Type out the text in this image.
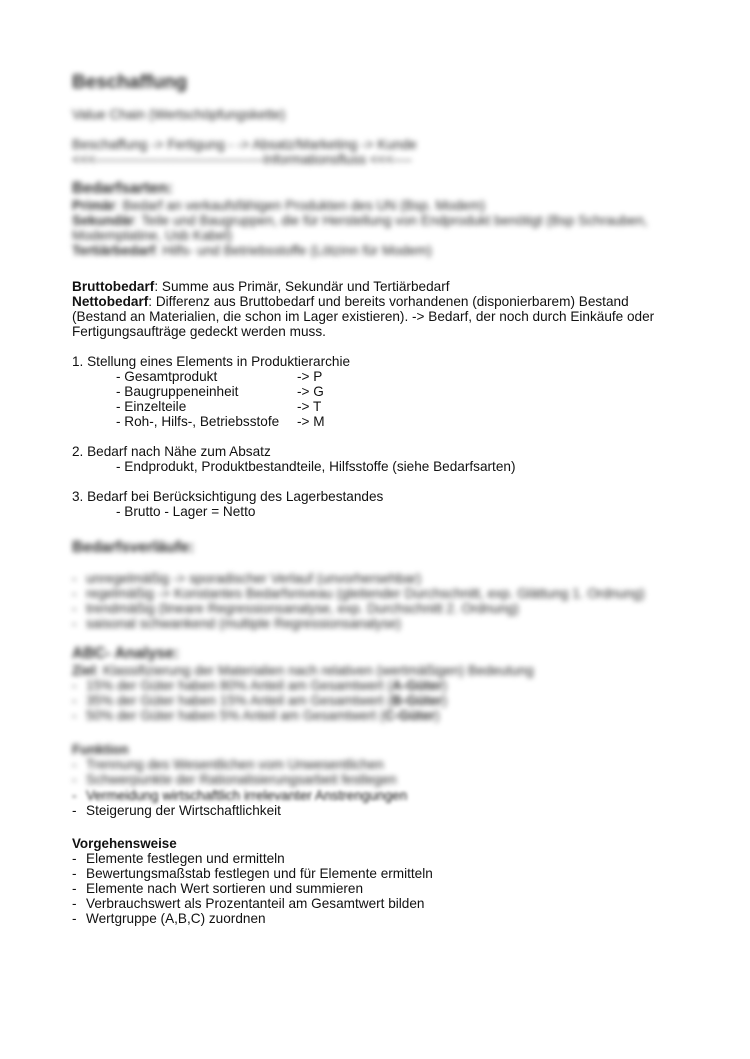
Beschaffung

Value Chain (Wertschöpfungskette)

Beschaffung -> Fertigung - -> Absatz/Marketing -> Kunde

<<<-------------------------------------Informationsfluss <<<----

Bedarfsarten:

Primär: Bedarf an verkaufsfähigen Produkten des UN (Bsp. Modem)

Sekundär: Teile und Baugruppen, die für Herstellung von Endprodukt benötigt (Bsp Schrauben,

Modemplatine, Usb Kabel)

Tertiärbedarf: Hilfs- und Betriebsstoffe (Lötzinn für Modem)

Bruttobedarf: Summe aus Primär, Sekundär und Tertiärbedarf

Nettobedarf: Differenz aus Bruttobedarf und bereits vorhandenen (disponierbarem) Bestand

(Bestand an Materialien, die schon im Lager existieren). -> Bedarf, der noch durch Einkäufe oder

Fertigungsaufträge gedeckt werden muss.

1. Stellung eines Elements in Produktierarchie

- Gesamtprodukt	-> P
- Baugruppeneinheit	-> G
- Einzelteile	-> T
- Roh-, Hilfs-, Betriebsstofe	-> M

2. Bedarf nach Nähe zum Absatz

- Endprodukt, Produktbestandteile, Hilfsstoffe (siehe Bedarfsarten)

3. Bedarf bei Berücksichtigung des Lagerbestandes

- Brutto - Lager = Netto

Bedarfsverläufe:
- unregelmäßig -> sporadischer Verlauf (unvorhersehbar)
- regelmäßig -> Konstantes Bedarfsniveau (gleitender Durchschnitt, exp. Glättung 1. Ordnung)
- trendmäßig (lineare Regressionsanalyse, exp. Durchschnitt 2. Ordnung)
- saisonal schwankend (multiple Regressionsanalyse)
ABC- Analyse:

Ziel: Klassifizierung der Materialien nach relativen (wertmäßigen) Bedeutung

- 15% der Güter haben 80% Anteil am Gesamtwert (A-Güter)
- 35% der Güter haben 15% Anteil am Gesamtwert (B-Güter)
- 50% der Güter haben 5% Anteil am Gesamtwert (C-Güter)
Funktion
- Trennung des Wesentlichen vom Unwesentlichen
- Schwerpunkte der Rationalisierungsarbeit festlegen
- Vermeidung wirtschaftlich irrelevanter Anstrengungen
- Steigerung der Wirtschaftlichkeit
Vorgehensweise
- Elemente festlegen und ermitteln
- Bewertungsmaßstab festlegen und für Elemente ermitteln
- Elemente nach Wert sortieren und summieren
- Verbrauchswert als Prozentanteil am Gesamtwert bilden
- Wertgruppe (A,B,C) zuordnen
